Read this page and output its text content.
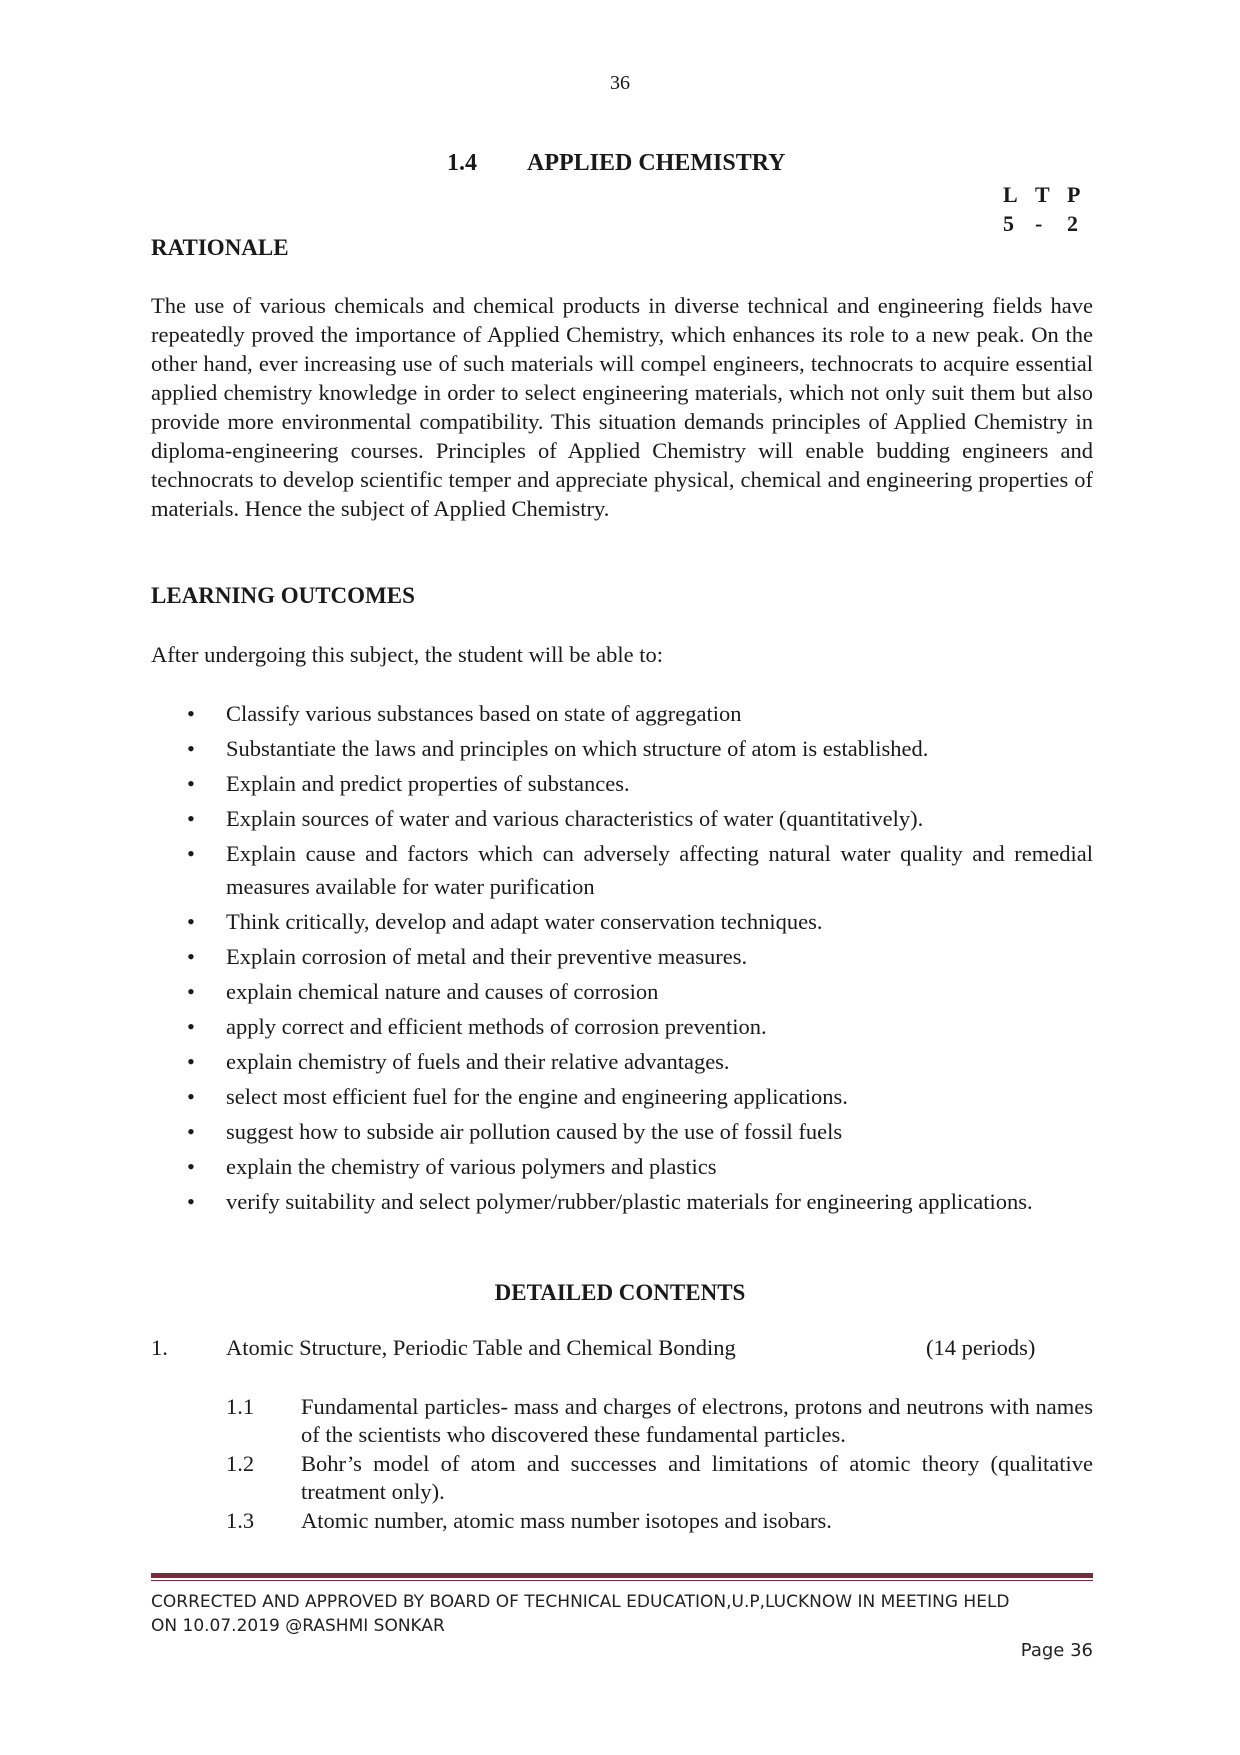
36
1.4 APPLIED CHEMISTRY
L T P
5 -	2
RATIONALE
The use of various chemicals and chemical products in diverse technical and engineering fields have repeatedly proved the importance of Applied Chemistry, which enhances its role to a new peak. On the other hand, ever increasing use of such materials will compel engineers, technocrats to acquire essential applied chemistry knowledge in order to select engineering materials, which not only suit them but also provide more environmental compatibility. This situation demands principles of Applied Chemistry in diploma-engineering courses. Principles of Applied Chemistry will enable budding engineers and technocrats to develop scientific temper and appreciate physical, chemical and engineering properties of materials. Hence the subject of Applied Chemistry.
LEARNING OUTCOMES
After undergoing this subject, the student will be able to:
• Classify various substances based on state of aggregation
• Substantiate the laws and principles on which structure of atom is established.
• Explain and predict properties of substances.
• Explain sources of water and various characteristics of water (quantitatively).
• Explain cause and factors which can adversely affecting natural water quality and remedial measures available for water purification
• Think critically, develop and adapt water conservation techniques.
• Explain corrosion of metal and their preventive measures.
• explain chemical nature and causes of corrosion
• apply correct and efficient methods of corrosion prevention.
• explain chemistry of fuels and their relative advantages.
• select most efficient fuel for the engine and engineering applications.
• suggest how to subside air pollution caused by the use of fossil fuels
• explain the chemistry of various polymers and plastics
• verify suitability and select polymer/rubber/plastic materials for engineering applications.
DETAILED CONTENTS
1.	Atomic Structure, Periodic Table and Chemical Bonding	(14 periods)
1.1 Fundamental particles- mass and charges of electrons, protons and neutrons with names of the scientists who discovered these fundamental particles.
1.2 Bohr’s model of atom and successes and limitations of atomic theory (qualitative treatment only).
1.3 Atomic number, atomic mass number isotopes and isobars.
CORRECTED AND APPROVED BY BOARD OF TECHNICAL EDUCATION,U.P,LUCKNOW IN MEETING HELD
ON 10.07.2019 @RASHMI SONKAR
Page 36
